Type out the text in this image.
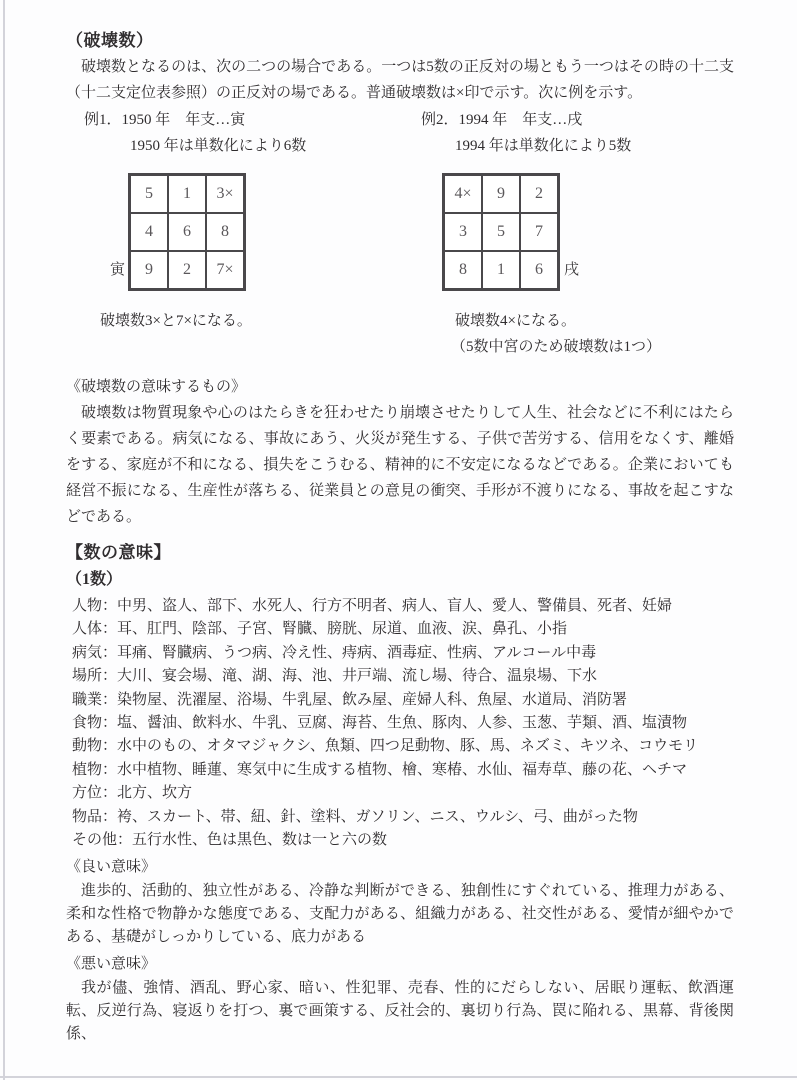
（破壊数）

破壊数となるのは、次の二つの場合である。一つは5数の正反対の場ともう一つはその時の十二支（十二支定位表参照）の正反対の場である。普通破壊数は×印で示す。次に例を示す。

例1．1950 年　年支…寅
1950 年は単数化により6数
寅
5	1	3×
4	6	8
9	2	7×
破壊数3×と7×になる。
例2．1994 年　年支…戌
1994 年は単数化により5数
4×	9	2
3	5	7
8	1	6	戌
破壊数4×になる。
（5数中宮のため破壊数は1つ）
《破壊数の意味するもの》

破壊数は物質現象や心のはたらきを狂わせたり崩壊させたりして人生、社会などに不利にはたらく要素である。病気になる、事故にあう、火災が発生する、子供で苦労する、信用をなくす、離婚をする、家庭が不和になる、損失をこうむる、精神的に不安定になるなどである。企業においても経営不振になる、生産性が落ちる、従業員との意見の衝突、手形が不渡りになる、事故を起こすなどである。

【数の意味】
（1数）
人物：中男、盗人、部下、水死人、行方不明者、病人、盲人、愛人、警備員、死者、妊婦
人体：耳、肛門、陰部、子宮、腎臓、膀胱、尿道、血液、涙、鼻孔、小指
病気：耳痛、腎臓病、うつ病、冷え性、痔病、酒毒症、性病、アルコール中毒
場所：大川、宴会場、滝、湖、海、池、井戸端、流し場、待合、温泉場、下水
職業：染物屋、洗濯屋、浴場、牛乳屋、飲み屋、産婦人科、魚屋、水道局、消防署
食物：塩、醤油、飲料水、牛乳、豆腐、海苔、生魚、豚肉、人参、玉葱、芋類、酒、塩漬物
動物：水中のもの、オタマジャクシ、魚類、四つ足動物、豚、馬、ネズミ、キツネ、コウモリ
植物：水中植物、睡蓮、寒気中に生成する植物、檜、寒椿、水仙、福寿草、藤の花、ヘチマ
方位：北方、坎方
物品：袴、スカート、帯、紐、針、塗料、ガソリン、ニス、ウルシ、弓、曲がった物
その他：五行水性、色は黒色、数は一と六の数
《良い意味》

進歩的、活動的、独立性がある、冷静な判断ができる、独創性にすぐれている、推理力がある、柔和な性格で物静かな態度である、支配力がある、組織力がある、社交性がある、愛情が細やかである、基礎がしっかりしている、底力がある

《悪い意味》

我が儘、強情、酒乱、野心家、暗い、性犯罪、売春、性的にだらしない、居眠り運転、飲酒運転、反逆行為、寝返りを打つ、裏で画策する、反社会的、裏切り行為、罠に陥れる、黒幕、背後関係、
